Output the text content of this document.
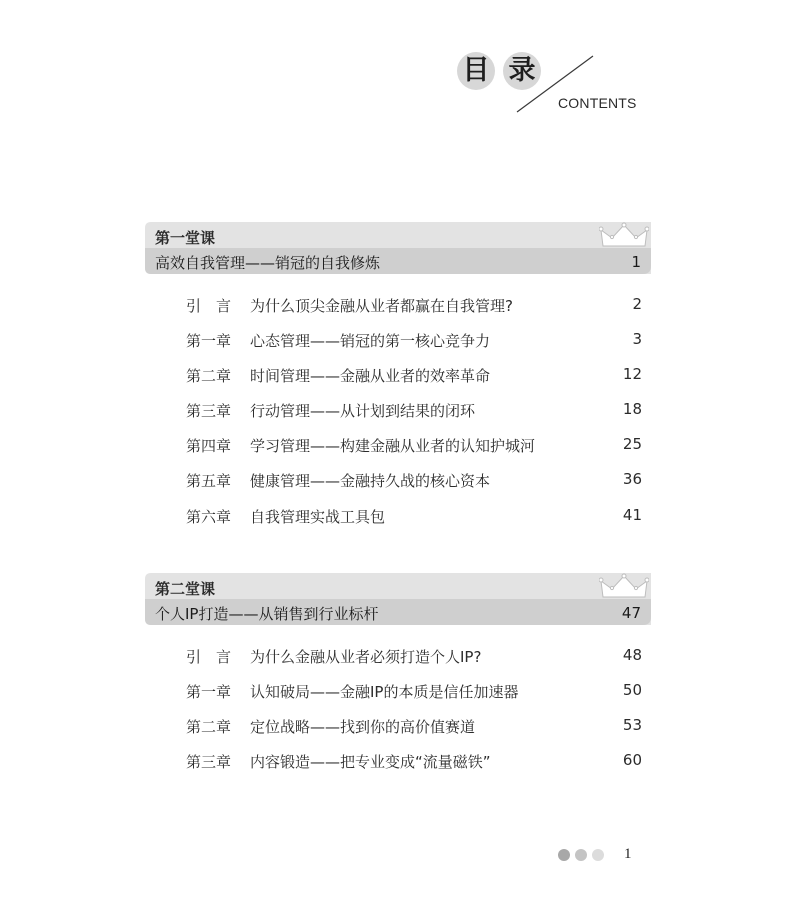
目 录
CONTENTS
第一堂课
高效自我管理——销冠的自我修炼	1
引　言 为什么顶尖金融从业者都赢在自我管理?	2
第一章 心态管理——销冠的第一核心竞争力	3
第二章 时间管理——金融从业者的效率革命	12
第三章 行动管理——从计划到结果的闭环	18
第四章 学习管理——构建金融从业者的认知护城河	25
第五章 健康管理——金融持久战的核心资本	36
第六章 自我管理实战工具包	41
第二堂课
个人IP打造——从销售到行业标杆	47
引　言 为什么金融从业者必须打造个人IP?	48
第一章 认知破局——金融IP的本质是信任加速器	50
第二章 定位战略——找到你的高价值赛道	53
第三章 内容锻造——把专业变成“流量磁铁”	60
1
